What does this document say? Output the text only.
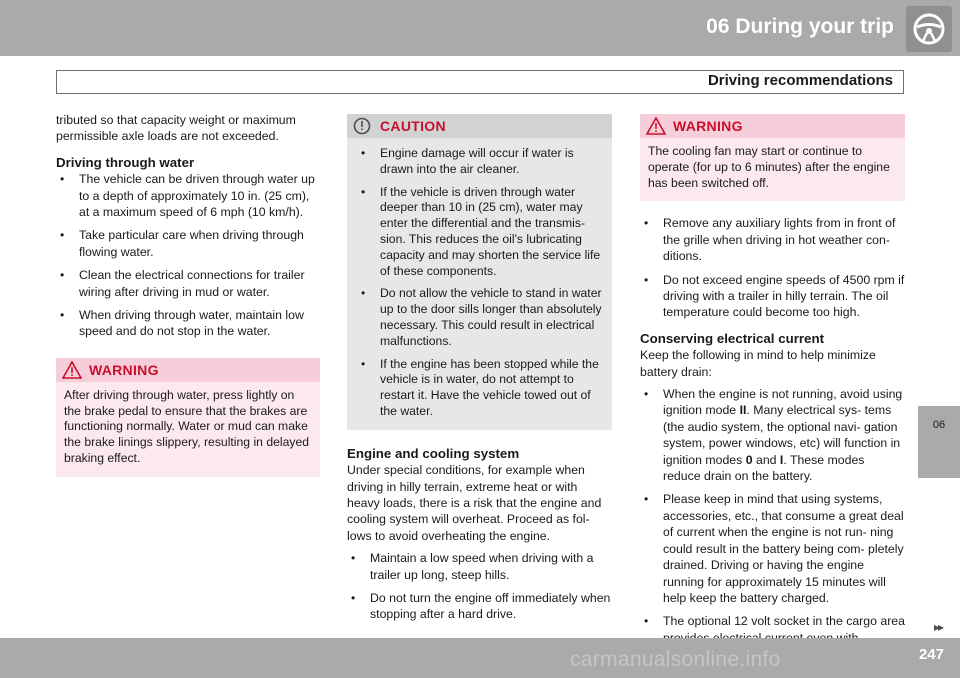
06 During your trip
Driving recommendations

tributed so that capacity weight or maximum permissible axle loads are not exceeded.

Driving through water

• The vehicle can be driven through water up to a depth of approximately 10 in. (25 cm), at a maximum speed of 6 mph (10 km/h).
• Take particular care when driving through flowing water.
• Clean the electrical connections for trailer wiring after driving in mud or water.
• When driving through water, maintain low speed and do not stop in the water.
WARNING
After driving through water, press lightly on the brake pedal to ensure that the brakes are functioning normally. Water or mud can make the brake linings slippery, resulting in delayed braking effect.
CAUTION
• Engine damage will occur if water is drawn into the air cleaner.
• If the vehicle is driven through water deeper than 10 in (25 cm), water may enter the differential and the transmis- sion. This reduces the oil's lubricating capacity and may shorten the service life of these components.
• Do not allow the vehicle to stand in water up to the door sills longer than absolutely necessary. This could result in electrical malfunctions.
• If the engine has been stopped while the vehicle is in water, do not attempt to restart it. Have the vehicle towed out of the water.

Engine and cooling system

Under special conditions, for example when driving in hilly terrain, extreme heat or with heavy loads, there is a risk that the engine and cooling system will overheat. Proceed as fol- lows to avoid overheating the engine.

• Maintain a low speed when driving with a trailer up long, steep hills.
• Do not turn the engine off immediately when stopping after a hard drive.
WARNING
The cooling fan may start or continue to operate (for up to 6 minutes) after the engine has been switched off.
• Remove any auxiliary lights from in front of the grille when driving in hot weather con- ditions.
• Do not exceed engine speeds of 4500 rpm if driving with a trailer in hilly terrain. The oil temperature could become too high.

Conserving electrical current

Keep the following in mind to help minimize battery drain:

• When the engine is not running, avoid using ignition mode II. Many electrical sys- tems (the audio system, the optional navi- gation system, power windows, etc) will function in ignition modes 0 and I. These modes reduce drain on the battery.
• Please keep in mind that using systems, accessories, etc., that consume a great deal of current when the engine is not run- ning could result in the battery being com- pletely drained. Driving or having the engine running for approximately 15 minutes will help keep the battery charged.
• The optional 12 volt socket in the cargo area
06
▸▸
carmanualsonline.info	247
